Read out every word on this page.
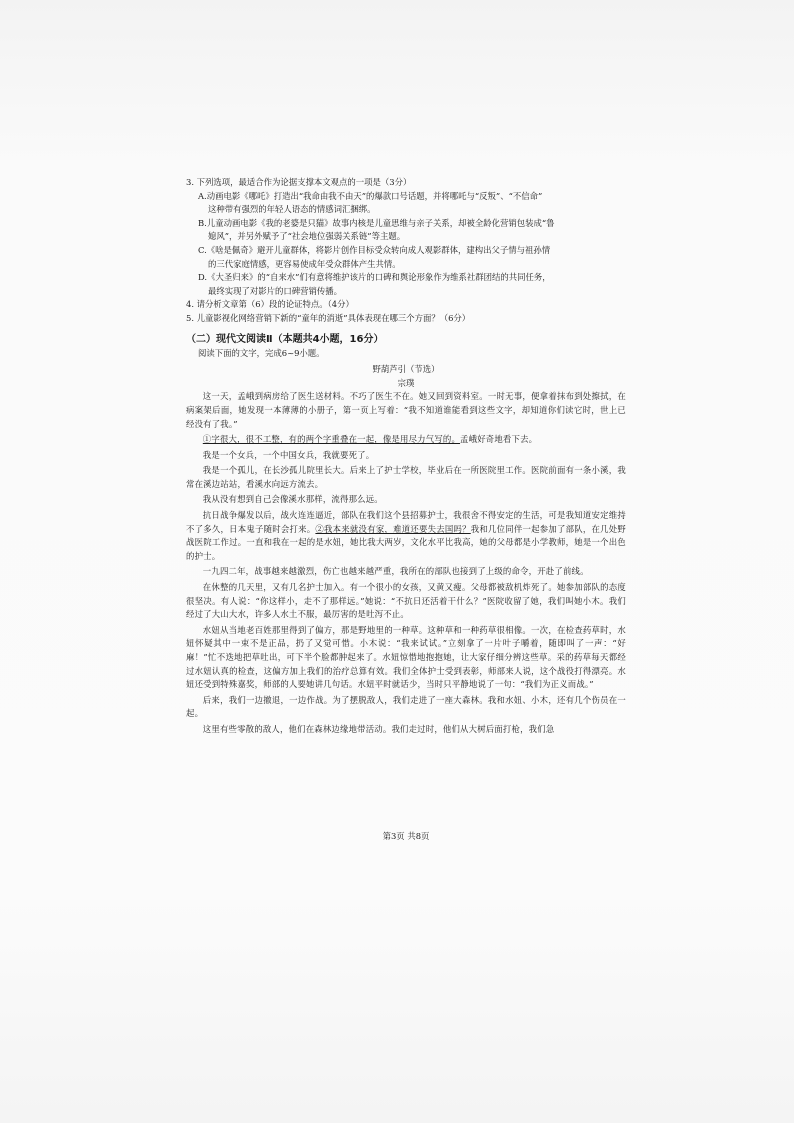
3. 下列选项，最适合作为论据支撑本文观点的一项是（3分）

A.动画电影《哪吒》打造出“我命由我不由天”的爆款口号话题，并将哪吒与“反叛”、“不信命”
这种带有强烈的年轻人语态的情感词汇捆绑。
B.儿童动画电影《我的老婆是只猫》故事内核是儿童思维与亲子关系，却被全龄化营销包装成“鲁
媳风”，并另外赋予了“社会地位强弱关系链”等主题。
C.《啥是佩奇》避开儿童群体，将影片创作目标受众转向成人观影群体，建构出父子情与祖孙情
的三代家庭情感，更容易使成年受众群体产生共情。
D.《大圣归来》的“自来水”们有意将维护该片的口碑和舆论形象作为维系社群团结的共同任务，
最终实现了对影片的口碑营销传播。

4. 请分析文章第（6）段的论证特点。（4分）

5. 儿童影视化网络营销下新的“童年的消逝”具体表现在哪三个方面？（6分）

（二）现代文阅读Ⅱ（本题共4小题，16分）
阅读下面的文字，完成6~9小题。
野葫芦引（节选）
宗璞

这一天，孟峨到病房给了医生送材料。不巧了医生不在。她又回到资料室。一时无事，便拿着抹布到处擦拭，在病案架后面，她发现一本薄薄的小册子，第一页上写着：“我不知道谁能看到这些文字，却知道你们读它时，世上已经没有了我。”

①字很大，很不工整，有的两个字重叠在一起，像是用尽力气写的。孟峨好奇地看下去。

我是一个女兵，一个中国女兵，我就要死了。

我是一个孤儿，在长沙孤儿院里长大。后来上了护士学校，毕业后在一所医院里工作。医院前面有一条小溪，我常在溪边站站，看溪水向远方流去。

我从没有想到自己会像溪水那样，流得那么远。

抗日战争爆发以后，战火连连逼近，部队在我们这个县招募护士，我很舍不得安定的生活，可是我知道安定维持不了多久，日本鬼子随时会打来。②我本来就没有家，难道还要失去国吗？我和几位同伴一起参加了部队，在几处野战医院工作过。一直和我在一起的是水妞，她比我大两岁，文化水平比我高，她的父母都是小学教师，她是一个出色的护士。

一九四二年，战事越来越激烈，伤亡也越来越严重，我所在的部队也接到了上级的命令，开赴了前线。

在休整的几天里，又有几名护士加入。有一个很小的女孩，又黄又瘦。父母都被敌机炸死了。她参加部队的态度很坚决。有人说：“你这样小，走不了那样远。”她说：“不抗日还活着干什么？”医院收留了她，我们叫她小木。我们经过了大山大水，许多人水土不服，最厉害的是吐泻不止。

水妞从当地老百姓那里得到了偏方，那是野地里的一种草。这种草和一种药草很相像。一次，在检查药草时，水妞怀疑其中一束不是正品，扔了又觉可惜。小木说：“我来试试。”立刻拿了一片叶子嚼着，随即叫了一声：“好麻！”忙不迭地把草吐出，可下半个脸都肿起来了。水妞惊惜地抱抱她，让大家仔细分辨这些草。采的药草每天都经过水妞认真的检查，这偏方加上我们的治疗总算有效。我们全体护士受到表彰，师部来人说，这个战役打得漂亮。水妞还受到特殊嘉奖，师部的人要她讲几句话。水妞平时就话少，当时只平静地说了一句：“我们为正义而战。”

后来，我们一边撤退，一边作战。为了摆脱敌人，我们走进了一座大森林。我和水妞、小木，还有几个伤员在一起。

这里有些零散的敌人，他们在森林边缘地带活动。我们走过时，他们从大树后面打枪，我们急

第3页 共8页
